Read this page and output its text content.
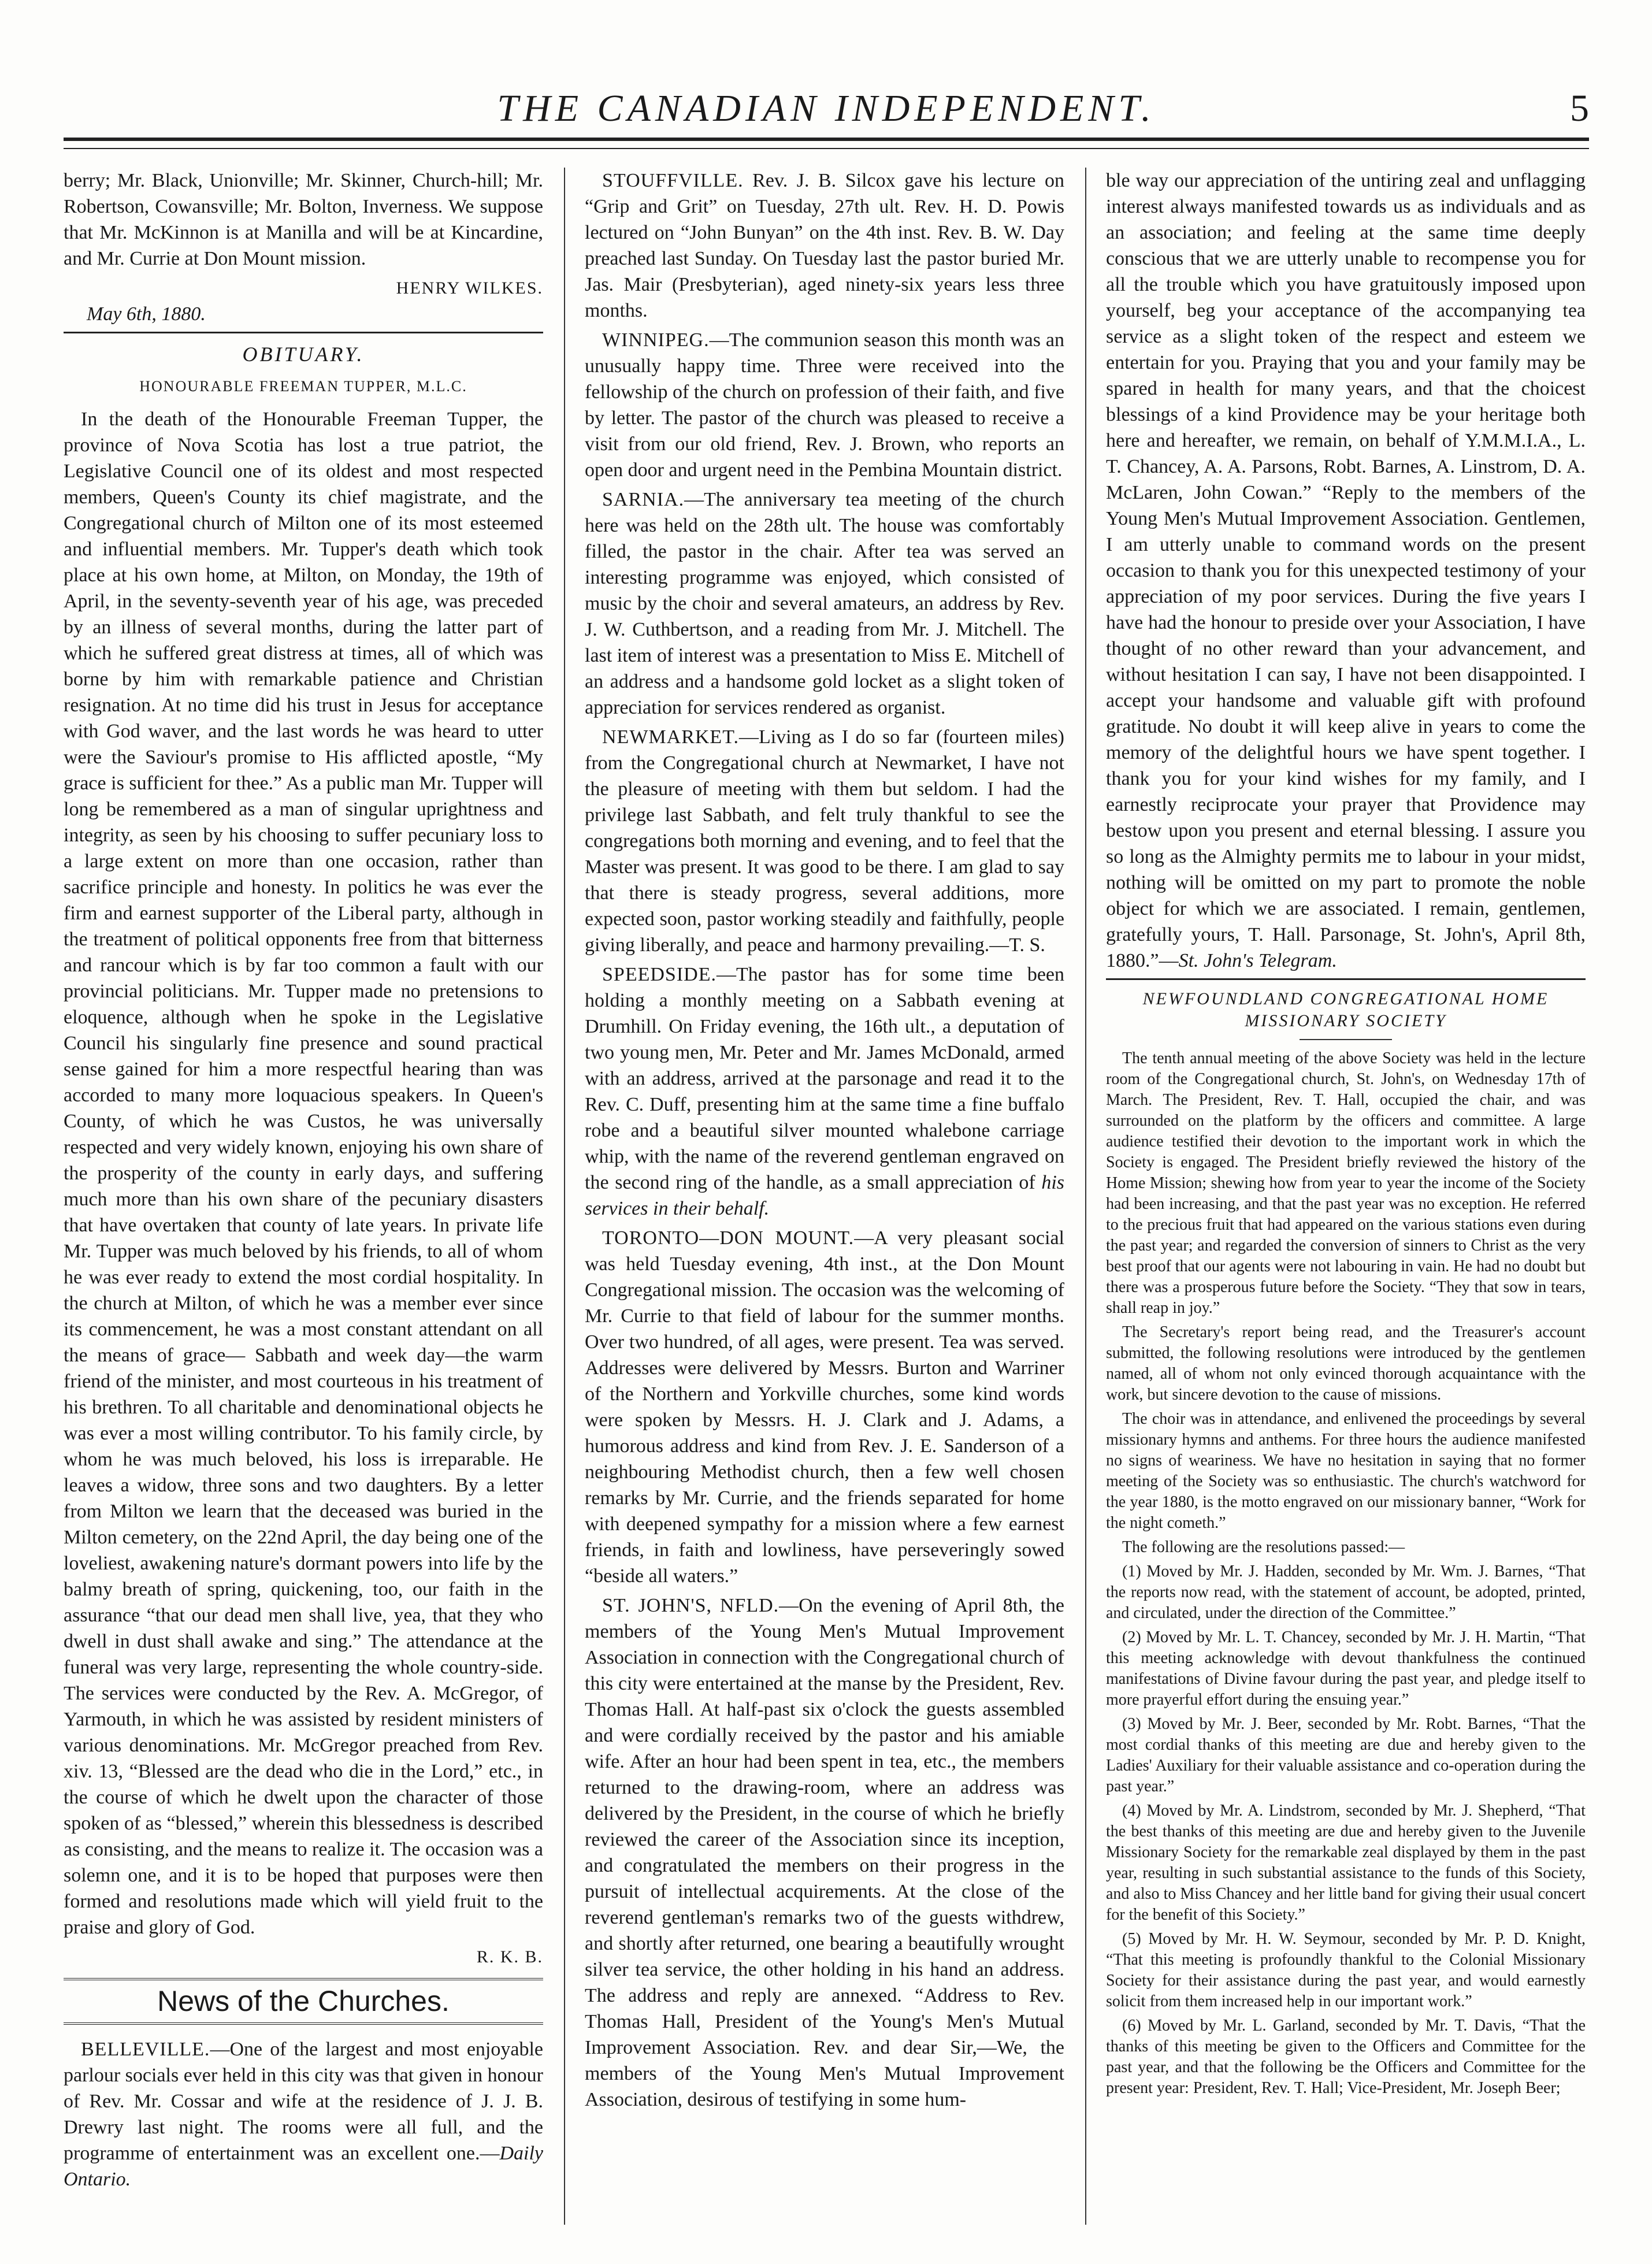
THE CANADIAN INDEPENDENT.	5

berry; Mr. Black, Unionville; Mr. Skinner, Church-hill; Mr. Robertson, Cowansville; Mr. Bolton, Inverness. We suppose that Mr. McKinnon is at Manilla and will be at Kincardine, and Mr. Currie at Don Mount mission.

HENRY WILKES.
May 6th, 1880.
OBITUARY.
HONOURABLE FREEMAN TUPPER, M.L.C.

In the death of the Honourable Freeman Tupper, the province of Nova Scotia has lost a true patriot, the Legislative Council one of its oldest and most respected members, Queen's County its chief magistrate, and the Congregational church of Milton one of its most esteemed and influential members. Mr. Tupper's death which took place at his own home, at Milton, on Monday, the 19th of April, in the seventy-seventh year of his age, was preceded by an illness of several months, during the latter part of which he suffered great distress at times, all of which was borne by him with remarkable patience and Christian resignation. At no time did his trust in Jesus for acceptance with God waver, and the last words he was heard to utter were the Saviour's promise to His afflicted apostle, “My grace is sufficient for thee.” As a public man Mr. Tupper will long be remembered as a man of singular uprightness and integrity, as seen by his choosing to suffer pecuniary loss to a large extent on more than one occasion, rather than sacrifice principle and honesty. In politics he was ever the firm and earnest supporter of the Liberal party, although in the treatment of political opponents free from that bitterness and rancour which is by far too common a fault with our provincial politicians. Mr. Tupper made no pretensions to eloquence, although when he spoke in the Legislative Council his singularly fine presence and sound practical sense gained for him a more respectful hearing than was accorded to many more loquacious speakers. In Queen's County, of which he was Custos, he was universally respected and very widely known, enjoying his own share of the prosperity of the county in early days, and suffering much more than his own share of the pecuniary disasters that have overtaken that county of late years. In private life Mr. Tupper was much beloved by his friends, to all of whom he was ever ready to extend the most cordial hospitality. In the church at Milton, of which he was a member ever since its commencement, he was a most constant attendant on all the means of grace— Sabbath and week day—the warm friend of the minister, and most courteous in his treatment of his brethren. To all charitable and denominational objects he was ever a most willing contributor. To his family circle, by whom he was much beloved, his loss is irreparable. He leaves a widow, three sons and two daughters. By a letter from Milton we learn that the deceased was buried in the Milton cemetery, on the 22nd April, the day being one of the loveliest, awakening nature's dormant powers into life by the balmy breath of spring, quickening, too, our faith in the assurance “that our dead men shall live, yea, that they who dwell in dust shall awake and sing.” The attendance at the funeral was very large, representing the whole country-side. The services were conducted by the Rev. A. McGregor, of Yarmouth, in which he was assisted by resident ministers of various denominations. Mr. McGregor preached from Rev. xiv. 13, “Blessed are the dead who die in the Lord,” etc., in the course of which he dwelt upon the character of those spoken of as “blessed,” wherein this blessedness is described as consisting, and the means to realize it. The occasion was a solemn one, and it is to be hoped that purposes were then formed and resolutions made which will yield fruit to the praise and glory of God.

R. K. B.
News of the Churches.

BELLEVILLE.—One of the largest and most enjoyable parlour socials ever held in this city was that given in honour of Rev. Mr. Cossar and wife at the residence of J. J. B. Drewry last night. The rooms were all full, and the programme of entertainment was an excellent one.—Daily Ontario.

STOUFFVILLE. Rev. J. B. Silcox gave his lecture on “Grip and Grit” on Tuesday, 27th ult. Rev. H. D. Powis lectured on “John Bunyan” on the 4th inst. Rev. B. W. Day preached last Sunday. On Tuesday last the pastor buried Mr. Jas. Mair (Presbyterian), aged ninety-six years less three months.

WINNIPEG.—The communion season this month was an unusually happy time. Three were received into the fellowship of the church on profession of their faith, and five by letter. The pastor of the church was pleased to receive a visit from our old friend, Rev. J. Brown, who reports an open door and urgent need in the Pembina Mountain district.

SARNIA.—The anniversary tea meeting of the church here was held on the 28th ult. The house was comfortably filled, the pastor in the chair. After tea was served an interesting programme was enjoyed, which consisted of music by the choir and several amateurs, an address by Rev. J. W. Cuthbertson, and a reading from Mr. J. Mitchell. The last item of interest was a presentation to Miss E. Mitchell of an address and a handsome gold locket as a slight token of appreciation for services rendered as organist.

NEWMARKET.—Living as I do so far (fourteen miles) from the Congregational church at Newmarket, I have not the pleasure of meeting with them but seldom. I had the privilege last Sabbath, and felt truly thankful to see the congregations both morning and evening, and to feel that the Master was present. It was good to be there. I am glad to say that there is steady progress, several additions, more expected soon, pastor working steadily and faithfully, people giving liberally, and peace and harmony prevailing.—T. S.

SPEEDSIDE.—The pastor has for some time been holding a monthly meeting on a Sabbath evening at Drumhill. On Friday evening, the 16th ult., a deputation of two young men, Mr. Peter and Mr. James McDonald, armed with an address, arrived at the parsonage and read it to the Rev. C. Duff, presenting him at the same time a fine buffalo robe and a beautiful silver mounted whalebone carriage whip, with the name of the reverend gentleman engraved on the second ring of the handle, as a small appreciation of his services in their behalf.

TORONTO—DON MOUNT.—A very pleasant social was held Tuesday evening, 4th inst., at the Don Mount Congregational mission. The occasion was the welcoming of Mr. Currie to that field of labour for the summer months. Over two hundred, of all ages, were present. Tea was served. Addresses were delivered by Messrs. Burton and Warriner of the Northern and Yorkville churches, some kind words were spoken by Messrs. H. J. Clark and J. Adams, a humorous address and kind from Rev. J. E. Sanderson of a neighbouring Methodist church, then a few well chosen remarks by Mr. Currie, and the friends separated for home with deepened sympathy for a mission where a few earnest friends, in faith and lowliness, have perseveringly sowed “beside all waters.”

ST. JOHN'S, NFLD.—On the evening of April 8th, the members of the Young Men's Mutual Improvement Association in connection with the Congregational church of this city were entertained at the manse by the President, Rev. Thomas Hall. At half-past six o'clock the guests assembled and were cordially received by the pastor and his amiable wife. After an hour had been spent in tea, etc., the members returned to the drawing-room, where an address was delivered by the President, in the course of which he briefly reviewed the career of the Association since its inception, and congratulated the members on their progress in the pursuit of intellectual acquirements. At the close of the reverend gentleman's remarks two of the guests withdrew, and shortly after returned, one bearing a beautifully wrought silver tea service, the other holding in his hand an address. The address and reply are annexed. “Address to Rev. Thomas Hall, President of the Young's Men's Mutual Improvement Association. Rev. and dear Sir,—We, the members of the Young Men's Mutual Improvement Association, desirous of testifying in some hum-

ble way our appreciation of the untiring zeal and unflagging interest always manifested towards us as individuals and as an association; and feeling at the same time deeply conscious that we are utterly unable to recompense you for all the trouble which you have gratuitously imposed upon yourself, beg your acceptance of the accompanying tea service as a slight token of the respect and esteem we entertain for you. Praying that you and your family may be spared in health for many years, and that the choicest blessings of a kind Providence may be your heritage both here and hereafter, we remain, on behalf of Y.M.M.I.A., L. T. Chancey, A. A. Parsons, Robt. Barnes, A. Linstrom, D. A. McLaren, John Cowan.” “Reply to the members of the Young Men's Mutual Improvement Association. Gentlemen, I am utterly unable to command words on the present occasion to thank you for this unexpected testimony of your appreciation of my poor services. During the five years I have had the honour to preside over your Association, I have thought of no other reward than your advancement, and without hesitation I can say, I have not been disappointed. I accept your handsome and valuable gift with profound gratitude. No doubt it will keep alive in years to come the memory of the delightful hours we have spent together. I thank you for your kind wishes for my family, and I earnestly reciprocate your prayer that Providence may bestow upon you present and eternal blessing. I assure you so long as the Almighty permits me to labour in your midst, nothing will be omitted on my part to promote the noble object for which we are associated. I remain, gentlemen, gratefully yours, T. Hall. Parsonage, St. John's, April 8th, 1880.”—St. John's Telegram.

NEWFOUNDLAND CONGREGATIONAL HOME MISSIONARY SOCIETY

The tenth annual meeting of the above Society was held in the lecture room of the Congregational church, St. John's, on Wednesday 17th of March. The President, Rev. T. Hall, occupied the chair, and was surrounded on the platform by the officers and committee. A large audience testified their devotion to the important work in which the Society is engaged. The President briefly reviewed the history of the Home Mission; shewing how from year to year the income of the Society had been increasing, and that the past year was no exception. He referred to the precious fruit that had appeared on the various stations even during the past year; and regarded the conversion of sinners to Christ as the very best proof that our agents were not labouring in vain. He had no doubt but there was a prosperous future before the Society. “They that sow in tears, shall reap in joy.”

The Secretary's report being read, and the Treasurer's account submitted, the following resolutions were introduced by the gentlemen named, all of whom not only evinced thorough acquaintance with the work, but sincere devotion to the cause of missions.

The choir was in attendance, and enlivened the proceedings by several missionary hymns and anthems. For three hours the audience manifested no signs of weariness. We have no hesitation in saying that no former meeting of the Society was so enthusiastic. The church's watchword for the year 1880, is the motto engraved on our missionary banner, “Work for the night cometh.”

The following are the resolutions passed:—

(1) Moved by Mr. J. Hadden, seconded by Mr. Wm. J. Barnes, “That the reports now read, with the statement of account, be adopted, printed, and circulated, under the direction of the Committee.”

(2) Moved by Mr. L. T. Chancey, seconded by Mr. J. H. Martin, “That this meeting acknowledge with devout thankfulness the continued manifestations of Divine favour during the past year, and pledge itself to more prayerful effort during the ensuing year.”

(3) Moved by Mr. J. Beer, seconded by Mr. Robt. Barnes, “That the most cordial thanks of this meeting are due and hereby given to the Ladies' Auxiliary for their valuable assistance and co-operation during the past year.”

(4) Moved by Mr. A. Lindstrom, seconded by Mr. J. Shepherd, “That the best thanks of this meeting are due and hereby given to the Juvenile Missionary Society for the remarkable zeal displayed by them in the past year, resulting in such substantial assistance to the funds of this Society, and also to Miss Chancey and her little band for giving their usual concert for the benefit of this Society.”

(5) Moved by Mr. H. W. Seymour, seconded by Mr. P. D. Knight, “That this meeting is profoundly thankful to the Colonial Missionary Society for their assistance during the past year, and would earnestly solicit from them increased help in our important work.”

(6) Moved by Mr. L. Garland, seconded by Mr. T. Davis, “That the thanks of this meeting be given to the Officers and Committee for the past year, and that the following be the Officers and Committee for the present year: President, Rev. T. Hall; Vice-President, Mr. Joseph Beer;
